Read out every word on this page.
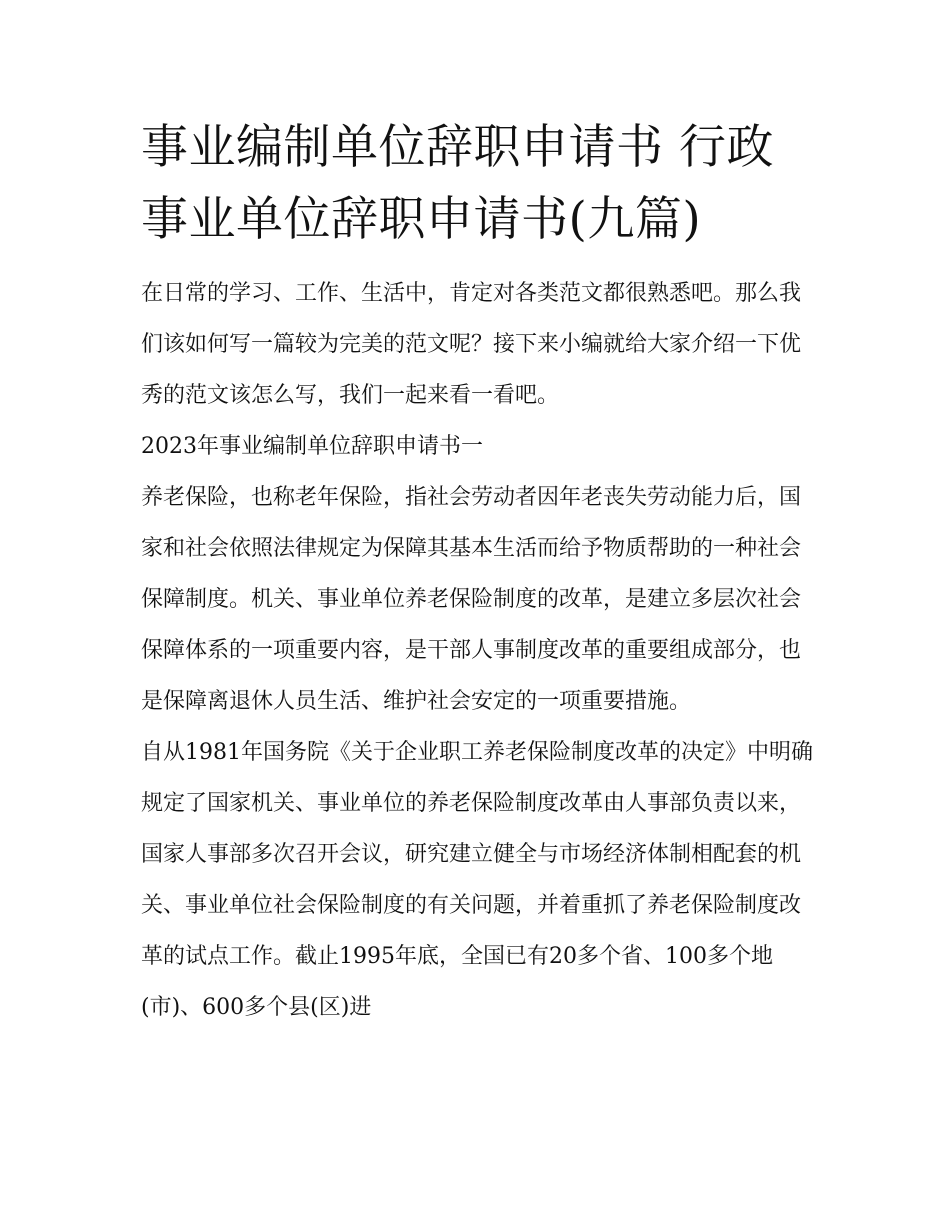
事业编制单位辞职申请书 行政事业单位辞职申请书(九篇)

在日常的学习、工作、生活中，肯定对各类范文都很熟悉吧。那么我们该如何写一篇较为完美的范文呢？接下来小编就给大家介绍一下优秀的范文该怎么写，我们一起来看一看吧。

2023年事业编制单位辞职申请书一

养老保险，也称老年保险，指社会劳动者因年老丧失劳动能力后，国家和社会依照法律规定为保障其基本生活而给予物质帮助的一种社会保障制度。机关、事业单位养老保险制度的改革，是建立多层次社会保障体系的一项重要内容，是干部人事制度改革的重要组成部分，也是保障离退休人员生活、维护社会安定的一项重要措施。

自从1981年国务院《关于企业职工养老保险制度改革的决定》中明确规定了国家机关、事业单位的养老保险制度改革由人事部负责以来，国家人事部多次召开会议，研究建立健全与市场经济体制相配套的机关、事业单位社会保险制度的有关问题，并着重抓了养老保险制度改革的试点工作。截止1995年底，全国已有20多个省、100多个地(市)、600多个县(区)进
